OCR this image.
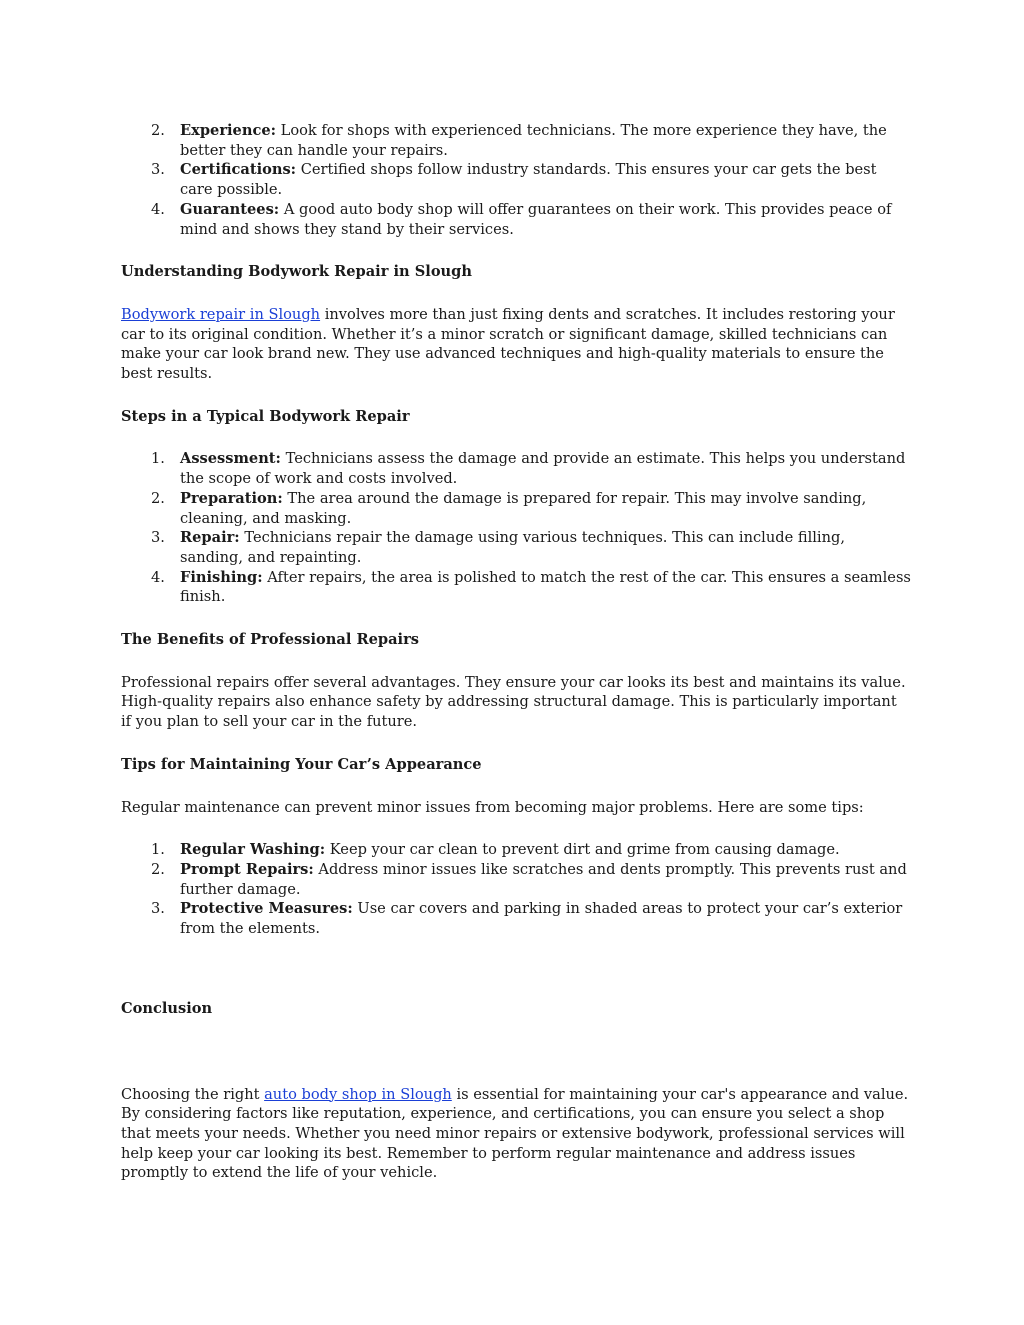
2. Experience: Look for shops with experienced technicians. The more experience they have, the better they can handle your repairs.
3. Certifications: Certified shops follow industry standards. This ensures your car gets the best care possible.
4. Guarantees: A good auto body shop will offer guarantees on their work. This provides peace of mind and shows they stand by their services.
Understanding Bodywork Repair in Slough

Bodywork repair in Slough involves more than just fixing dents and scratches. It includes restoring your car to its original condition. Whether it’s a minor scratch or significant damage, skilled technicians can make your car look brand new. They use advanced techniques and high-quality materials to ensure the best results.

Steps in a Typical Bodywork Repair
1. Assessment: Technicians assess the damage and provide an estimate. This helps you understand the scope of work and costs involved.
2. Preparation: The area around the damage is prepared for repair. This may involve sanding, cleaning, and masking.
3. Repair: Technicians repair the damage using various techniques. This can include filling, sanding, and repainting.
4. Finishing: After repairs, the area is polished to match the rest of the car. This ensures a seamless finish.
The Benefits of Professional Repairs

Professional repairs offer several advantages. They ensure your car looks its best and maintains its value. High-quality repairs also enhance safety by addressing structural damage. This is particularly important if you plan to sell your car in the future.

Tips for Maintaining Your Car’s Appearance

Regular maintenance can prevent minor issues from becoming major problems. Here are some tips:

1. Regular Washing: Keep your car clean to prevent dirt and grime from causing damage.
2. Prompt Repairs: Address minor issues like scratches and dents promptly. This prevents rust and further damage.
3. Protective Measures: Use car covers and parking in shaded areas to protect your car’s exterior from the elements.
Conclusion

Choosing the right auto body shop in Slough is essential for maintaining your car's appearance and value. By considering factors like reputation, experience, and certifications, you can ensure you select a shop that meets your needs. Whether you need minor repairs or extensive bodywork, professional services will help keep your car looking its best. Remember to perform regular maintenance and address issues promptly to extend the life of your vehicle.
